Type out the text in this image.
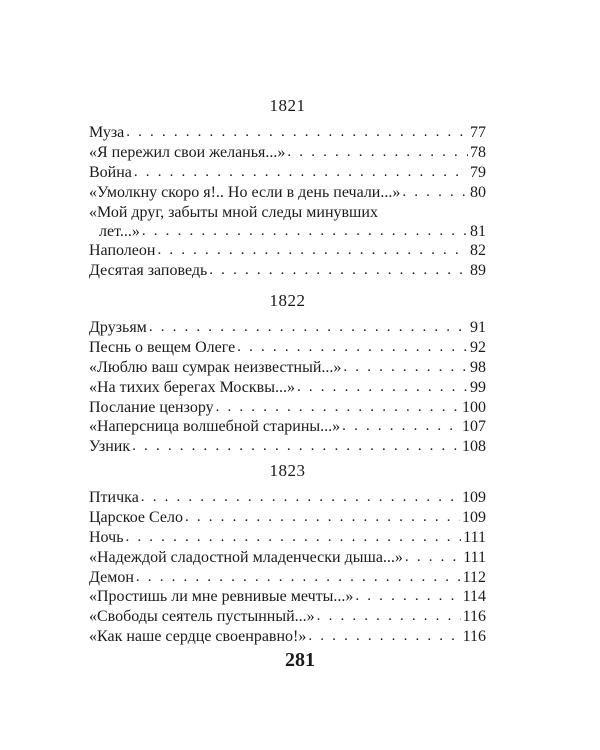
1821
Муза . . .	77
«Я пережил свои желанья...» . . .	78
Война . . .	79
«Умолкну скоро я!.. Но если в день печали...» . . .	80
«Мой друг, забыты мной следы минувших
лет...» . . .	81
Наполеон . . .	82
Десятая заповедь . . .	89
1822
Друзьям . . .	91
Песнь о вещем Олеге . . .	92
«Люблю ваш сумрак неизвестный...» . . .	98
«На тихих берегах Москвы...» . . .	99
Послание цензору . . .	100
«Наперсница волшебной старины...» . . .	107
Узник . . .	108
1823
Птичка . . .	109
Царское Село . . .	109
Ночь . . .	111
«Надеждой сладостной младенчески дыша...» . . .	111
Демон . . .	112
«Простишь ли мне ревнивые мечты...» . . .	114
«Свободы сеятель пустынный...» . . .	116
«Как наше сердце своенравно!» . . .	116
281
